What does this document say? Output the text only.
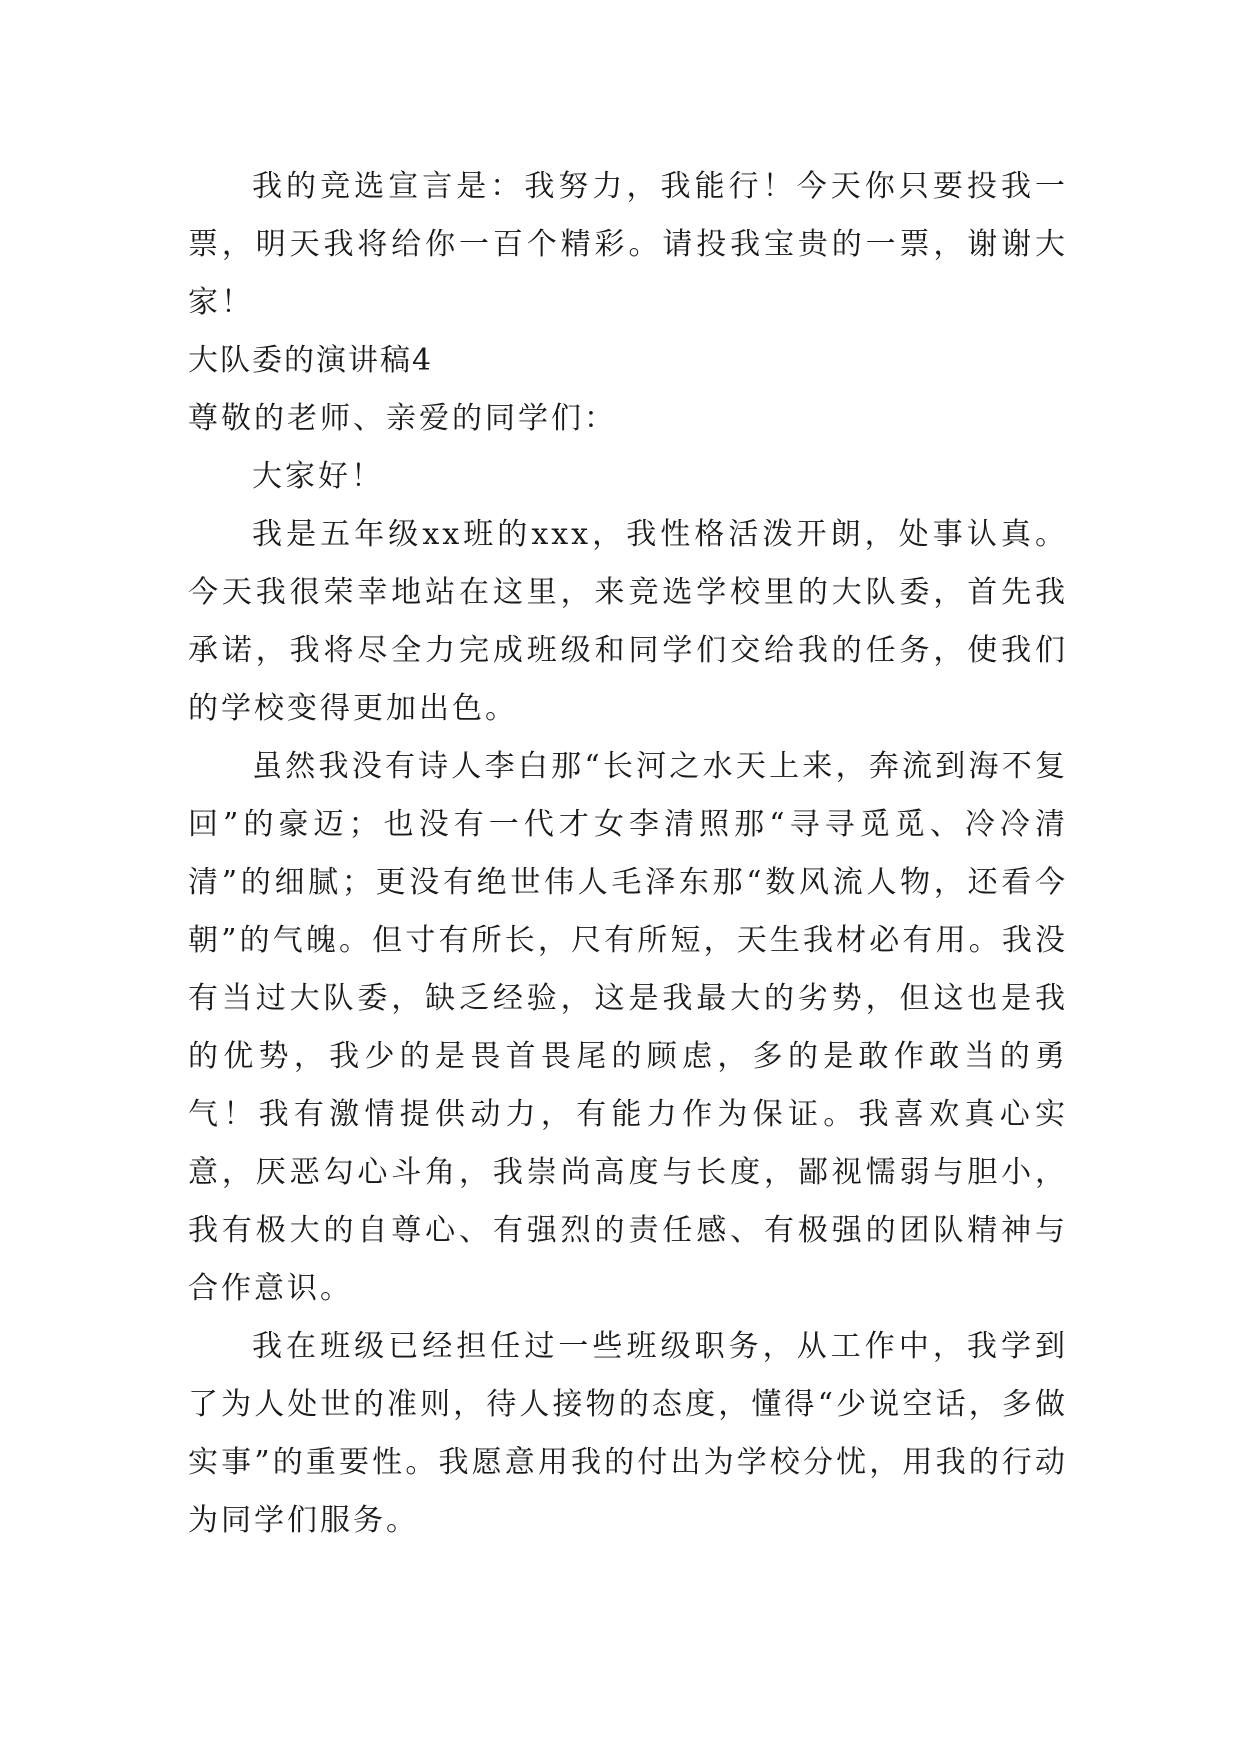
我的竞选宣言是：我努力，我能行！今天你只要投我一票，明天我将给你一百个精彩。请投我宝贵的一票，谢谢大家！

大队委的演讲稿4

尊敬的老师、亲爱的同学们：

大家好！

我是五年级xx班的xxx，我性格活泼开朗，处事认真。今天我很荣幸地站在这里，来竞选学校里的大队委，首先我承诺，我将尽全力完成班级和同学们交给我的任务，使我们的学校变得更加出色。

虽然我没有诗人李白那“长河之水天上来，奔流到海不复回”的豪迈；也没有一代才女李清照那“寻寻觅觅、冷冷清清”的细腻；更没有绝世伟人毛泽东那“数风流人物，还看今朝”的气魄。但寸有所长，尺有所短，天生我材必有用。我没有当过大队委，缺乏经验，这是我最大的劣势，但这也是我的优势，我少的是畏首畏尾的顾虑，多的是敢作敢当的勇气！我有激情提供动力，有能力作为保证。我喜欢真心实意，厌恶勾心斗角，我崇尚高度与长度，鄙视懦弱与胆小，我有极大的自尊心、有强烈的责任感、有极强的团队精神与合作意识。

我在班级已经担任过一些班级职务，从工作中，我学到了为人处世的准则，待人接物的态度，懂得“少说空话，多做实事”的重要性。我愿意用我的付出为学校分忧，用我的行动为同学们服务。
